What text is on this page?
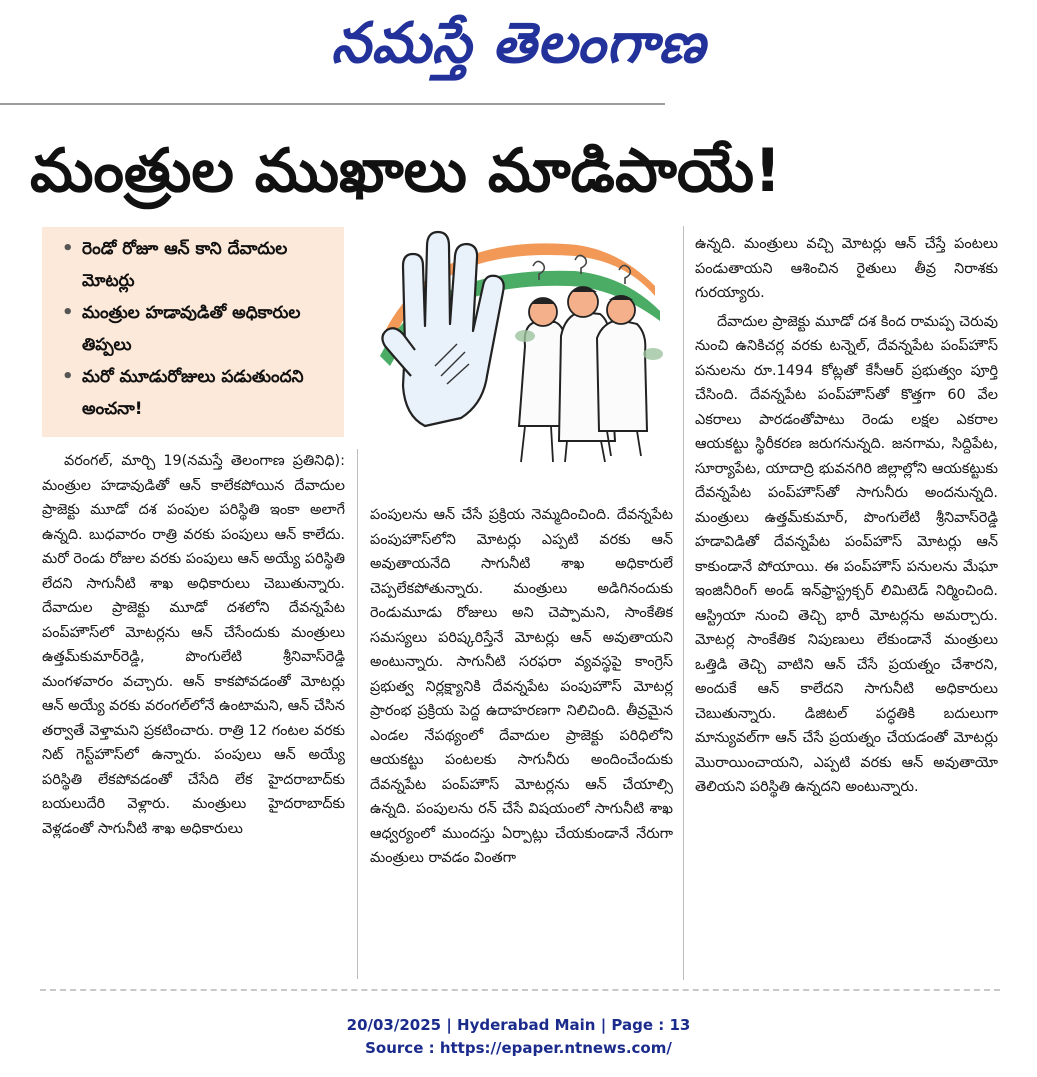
నమస్తే తెలంగాణ
మంత్రుల ముఖాలు మాడిపాయే!
• రెండో రోజూ ఆన్ కాని దేవాదుల మోటర్లు
• మంత్రుల హడావుడితో అధికారుల తిప్పలు
• మరో మూడురోజులు పడుతుందని అంచనా!

వరంగల్, మార్చి 19(నమస్తే తెలంగాణ ప్రతినిధి): మంత్రుల హడావుడితో ఆన్ కాలేకపోయిన దేవాదుల ప్రాజెక్టు మూడో దశ పంపుల పరిస్థితి ఇంకా అలాగే ఉన్నది. బుధవారం రాత్రి వరకు పంపులు ఆన్ కాలేదు. మరో రెండు రోజుల వరకు పంపులు ఆన్ అయ్యే పరిస్థితి లేదని సాగునీటి శాఖ అధికారులు చెబుతున్నారు. దేవాదుల ప్రాజెక్టు మూడో దశలోని దేవన్నపేట పంప్‌హౌస్‌లో మోటర్లను ఆన్ చేసేందుకు మంత్రులు ఉత్తమ్‌కుమార్‌రెడ్డి, పొంగులేటి శ్రీనివాస్‌రెడ్డి మంగళవారం వచ్చారు. ఆన్ కాకపోవడంతో మోటర్లు ఆన్ అయ్యే వరకు వరంగల్‌లోనే ఉంటామని, ఆన్ చేసిన తర్వాతే వెళ్తామని ప్రకటించారు. రాత్రి 12 గంటల వరకు నిట్ గెస్ట్‌హౌస్‌లో ఉన్నారు. పంపులు ఆన్ అయ్యే పరిస్థితి లేకపోవడంతో చేసేది లేక హైదరాబాద్‌కు బయలుదేరి వెళ్లారు. మంత్రులు హైదరాబాద్‌కు వెళ్లడంతో సాగునీటి శాఖ అధికారులు

పంపులను ఆన్ చేసే ప్రక్రియ నెమ్మదించింది. దేవన్నపేట పంపుహౌస్‌లోని మోటర్లు ఎప్పటి వరకు ఆన్ అవుతాయనేది సాగునీటి శాఖ అధికారులే చెప్పలేకపోతున్నారు. మంత్రులు అడిగినందుకు రెండుమూడు రోజులు అని చెప్పామని, సాంకేతిక సమస్యలు పరిష్కరిస్తేనే మోటర్లు ఆన్ అవుతాయని అంటున్నారు. సాగునీటి సరఫరా వ్యవస్థపై కాంగ్రెస్ ప్రభుత్వ నిర్లక్ష్యానికి దేవన్నపేట పంపుహౌస్ మోటర్ల ప్రారంభ ప్రక్రియ పెద్ద ఉదాహరణగా నిలిచింది. తీవ్రమైన ఎండల నేపథ్యంలో దేవాదుల ప్రాజెక్టు పరిధిలోని ఆయకట్టు పంటలకు సాగునీరు అందించేందుకు దేవన్నపేట పంప్‌హౌస్ మోటర్లను ఆన్ చేయాల్సి ఉన్నది. పంపులను రన్ చేసే విషయంలో సాగునీటి శాఖ ఆధ్వర్యంలో ముందస్తు ఏర్పాట్లు చేయకుండానే నేరుగా మంత్రులు రావడం వింతగా

ఉన్నది. మంత్రులు వచ్చి మోటర్లు ఆన్ చేస్తే పంటలు పండుతాయని ఆశించిన రైతులు తీవ్ర నిరాశకు గురయ్యారు.

దేవాదుల ప్రాజెక్టు మూడో దశ కింద రామప్ప చెరువు నుంచి ఉనికిచర్ల వరకు టన్నెల్, దేవన్నపేట పంప్‌హౌస్ పనులను రూ.1494 కోట్లతో కేసీఆర్ ప్రభుత్వం పూర్తి చేసింది. దేవన్నపేట పంప్‌హౌస్‌తో కొత్తగా 60 వేల ఎకరాలు పారడంతోపాటు రెండు లక్షల ఎకరాల ఆయకట్టు స్థిరీకరణ జరుగనున్నది. జనగామ, సిద్దిపేట, సూర్యాపేట, యాదాద్రి భువనగిరి జిల్లాల్లోని ఆయకట్టుకు దేవన్నపేట పంప్‌హౌస్‌తో సాగునీరు అందనున్నది. మంత్రులు ఉత్తమ్‌కుమార్, పొంగులేటి శ్రీనివాస్‌రెడ్డి హడావిడితో దేవన్నపేట పంప్‌హౌస్ మోటర్లు ఆన్ కాకుండానే పోయాయి. ఈ పంప్‌హౌస్ పనులను మేఘా ఇంజినీరింగ్ అండ్ ఇన్‌ఫ్రాస్ట్రక్చర్ లిమిటెడ్ నిర్మించింది. ఆస్ట్రియా నుంచి తెచ్చి భారీ మోటర్లను అమర్చారు. మోటర్ల సాంకేతిక నిపుణులు లేకుండానే మంత్రులు ఒత్తిడి తెచ్చి వాటిని ఆన్ చేసే ప్రయత్నం చేశారని, అందుకే ఆన్ కాలేదని సాగునీటి అధికారులు చెబుతున్నారు. డిజిటల్ పద్ధతికి బదులుగా మాన్యువల్‌గా ఆన్ చేసే ప్రయత్నం చేయడంతో మోటర్లు మొరాయించాయని, ఎప్పటి వరకు ఆన్ అవుతాయో తెలియని పరిస్థితి ఉన్నదని అంటున్నారు.

20/03/2025 | Hyderabad Main | Page : 13
Source : https://epaper.ntnews.com/
